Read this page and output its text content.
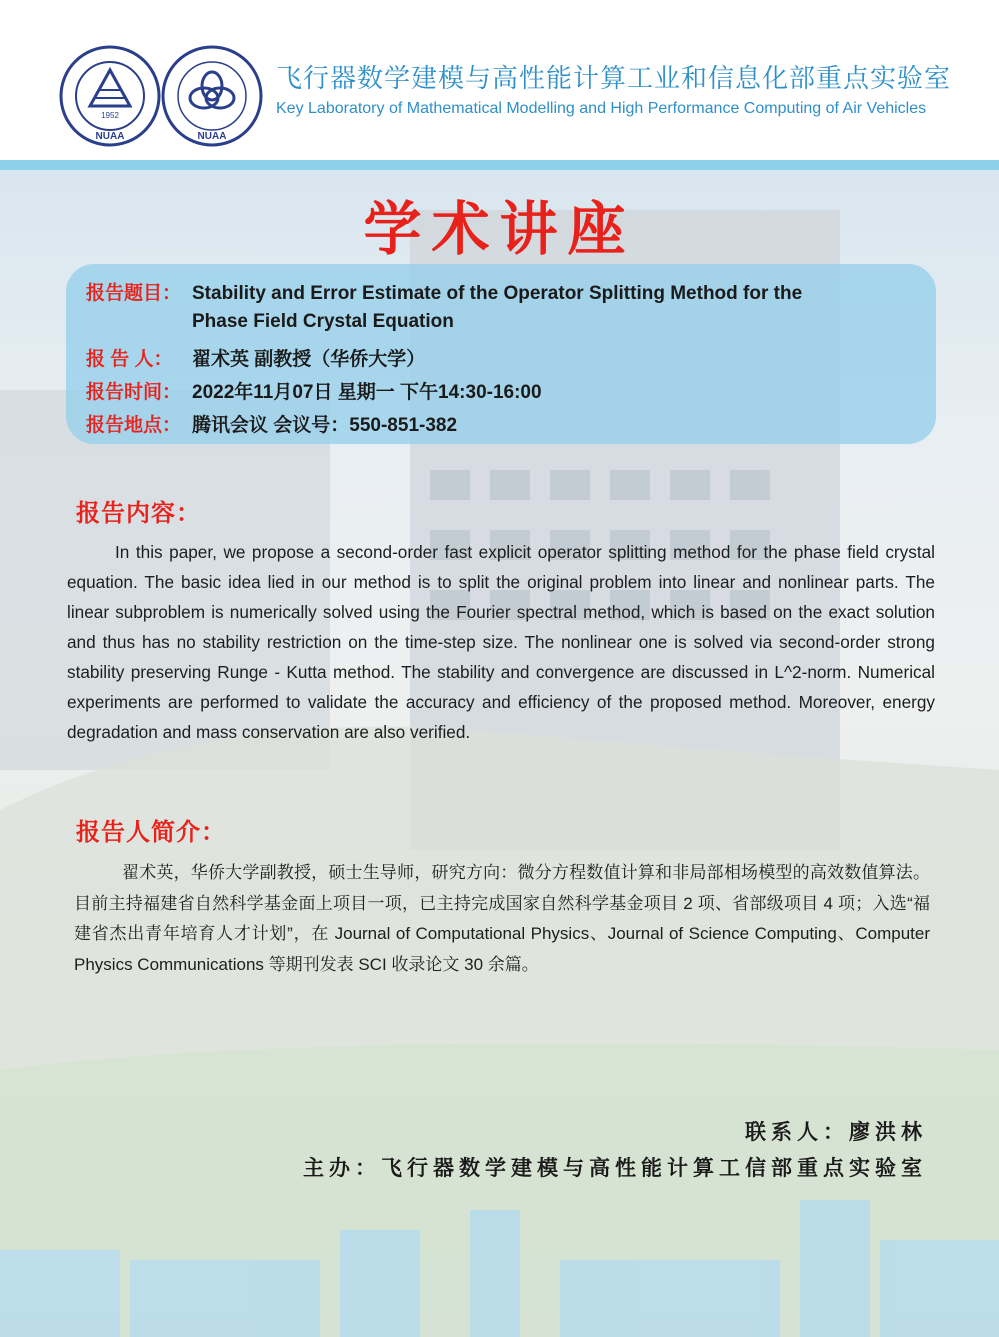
1952
NUAA	NUAA
飞行器数学建模与高性能计算工业和信息化部重点实验室
Key Laboratory of Mathematical Modelling and High Performance Computing of Air Vehicles
学术讲座
报告题目： Stability and Error Estimate of the Operator Splitting Method for the
Phase Field Crystal Equation
报 告 人： 翟术英 副教授（华侨大学）
报告时间： 2022年11月07日 星期一 下午14:30-16:00
报告地点： 腾讯会议 会议号：550-851-382
报告内容：
In this paper, we propose a second-order fast explicit operator splitting method for the phase field crystal equation. The basic idea lied in our method is to split the original problem into linear and nonlinear parts. The linear subproblem is numerically solved using the Fourier spectral method, which is based on the exact solution and thus has no stability restriction on the time-step size. The nonlinear one is solved via second-order strong stability preserving Runge - Kutta method. The stability and convergence are discussed in L^2-norm. Numerical experiments are performed to validate the accuracy and efficiency of the proposed method. Moreover, energy degradation and mass conservation are also verified.
报告人简介：
翟术英，华侨大学副教授，硕士生导师，研究方向：微分方程数值计算和非局部相场模型的高效数值算法。目前主持福建省自然科学基金面上项目一项，已主持完成国家自然科学基金项目 2 项、省部级项目 4 项；入选“福建省杰出青年培育人才计划”，在 Journal of Computational Physics、Journal of Science Computing、Computer Physics Communications 等期刊发表 SCI 收录论文 30 余篇。
联系人：廖洪林
主办：飞行器数学建模与高性能计算工信部重点实验室
